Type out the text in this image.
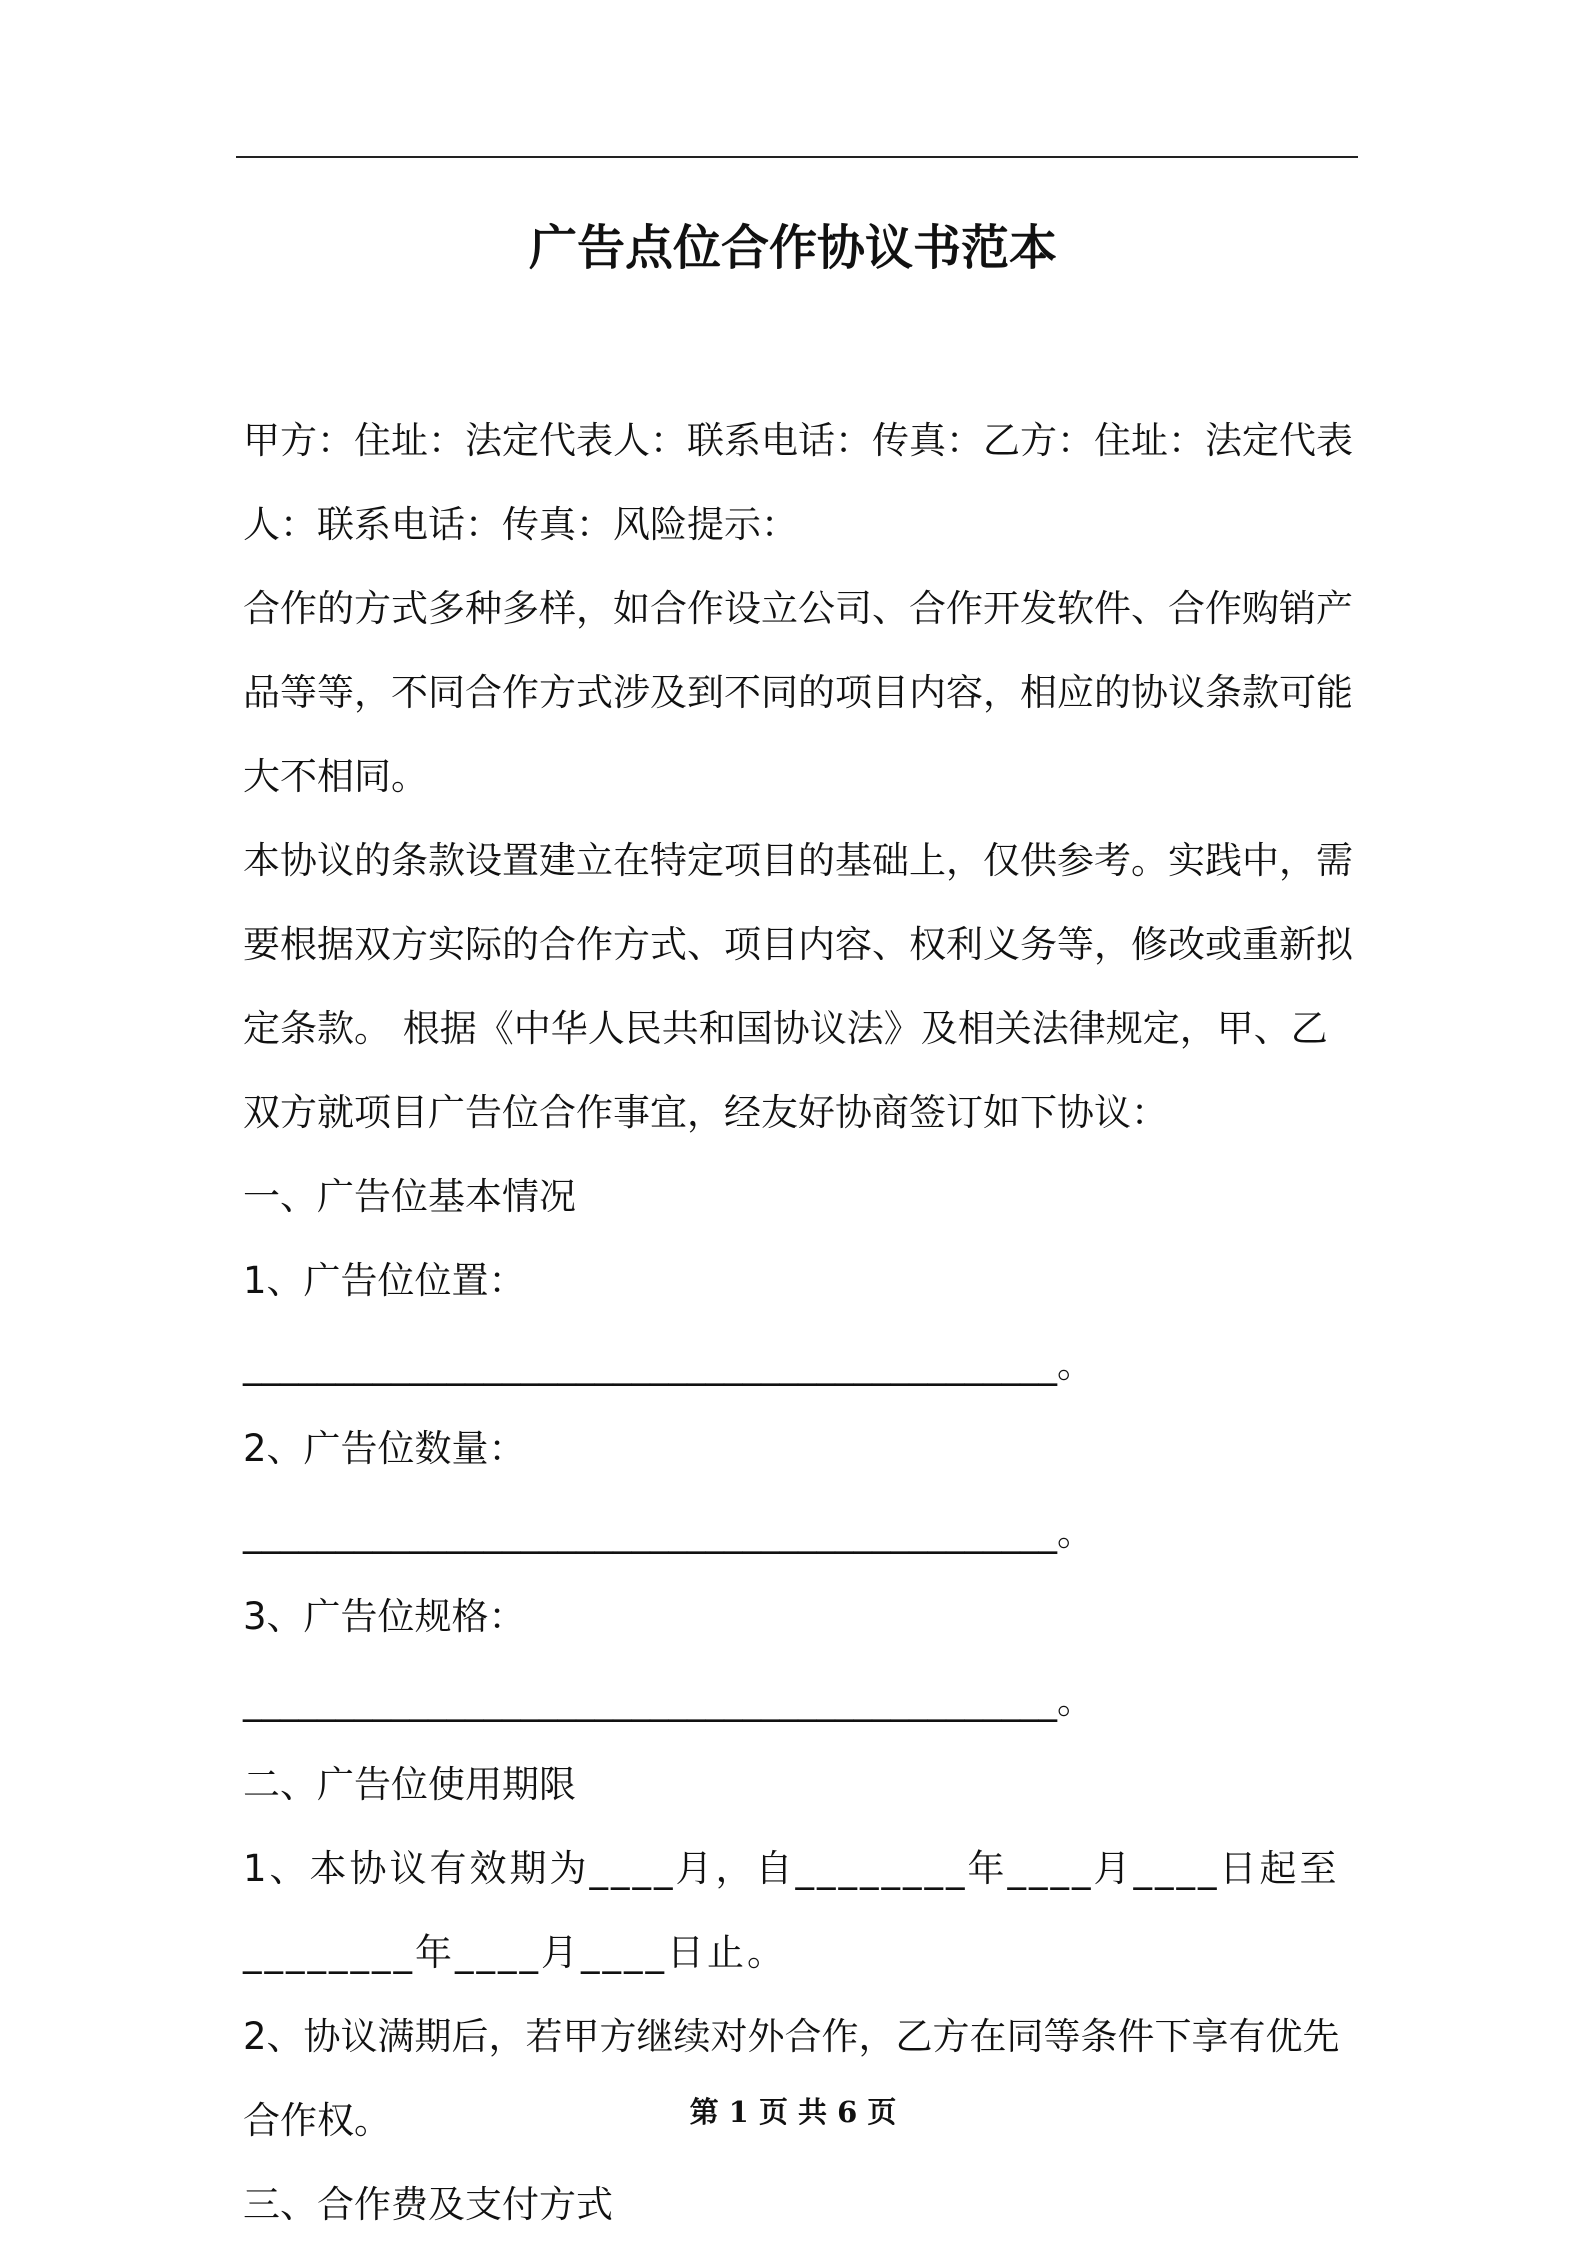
广告点位合作协议书范本

甲方：住址：法定代表人：联系电话：传真：乙方：住址：法定代表人：联系电话：传真：风险提示：

合作的方式多种多样，如合作设立公司、合作开发软件、合作购销产品等等，不同合作方式涉及到不同的项目内容，相应的协议条款可能大不相同。

本协议的条款设置建立在特定项目的基础上，仅供参考。实践中，需要根据双方实际的合作方式、项目内容、权利义务等，修改或重新拟定条款。 根据《中华人民共和国协议法》及相关法律规定，甲、乙双方就项目广告位合作事宜，经友好协商签订如下协议：

一、广告位基本情况

1、广告位位置：____________________________________________。

2、广告位数量：____________________________________________。

3、广告位规格：____________________________________________。

二、广告位使用期限

1、本协议有效期为____月，自________年____月____日起至________年____月____日止。

2、协议满期后，若甲方继续对外合作，乙方在同等条件下享有优先合作权。

三、合作费及支付方式

第 1 页 共 6 页
